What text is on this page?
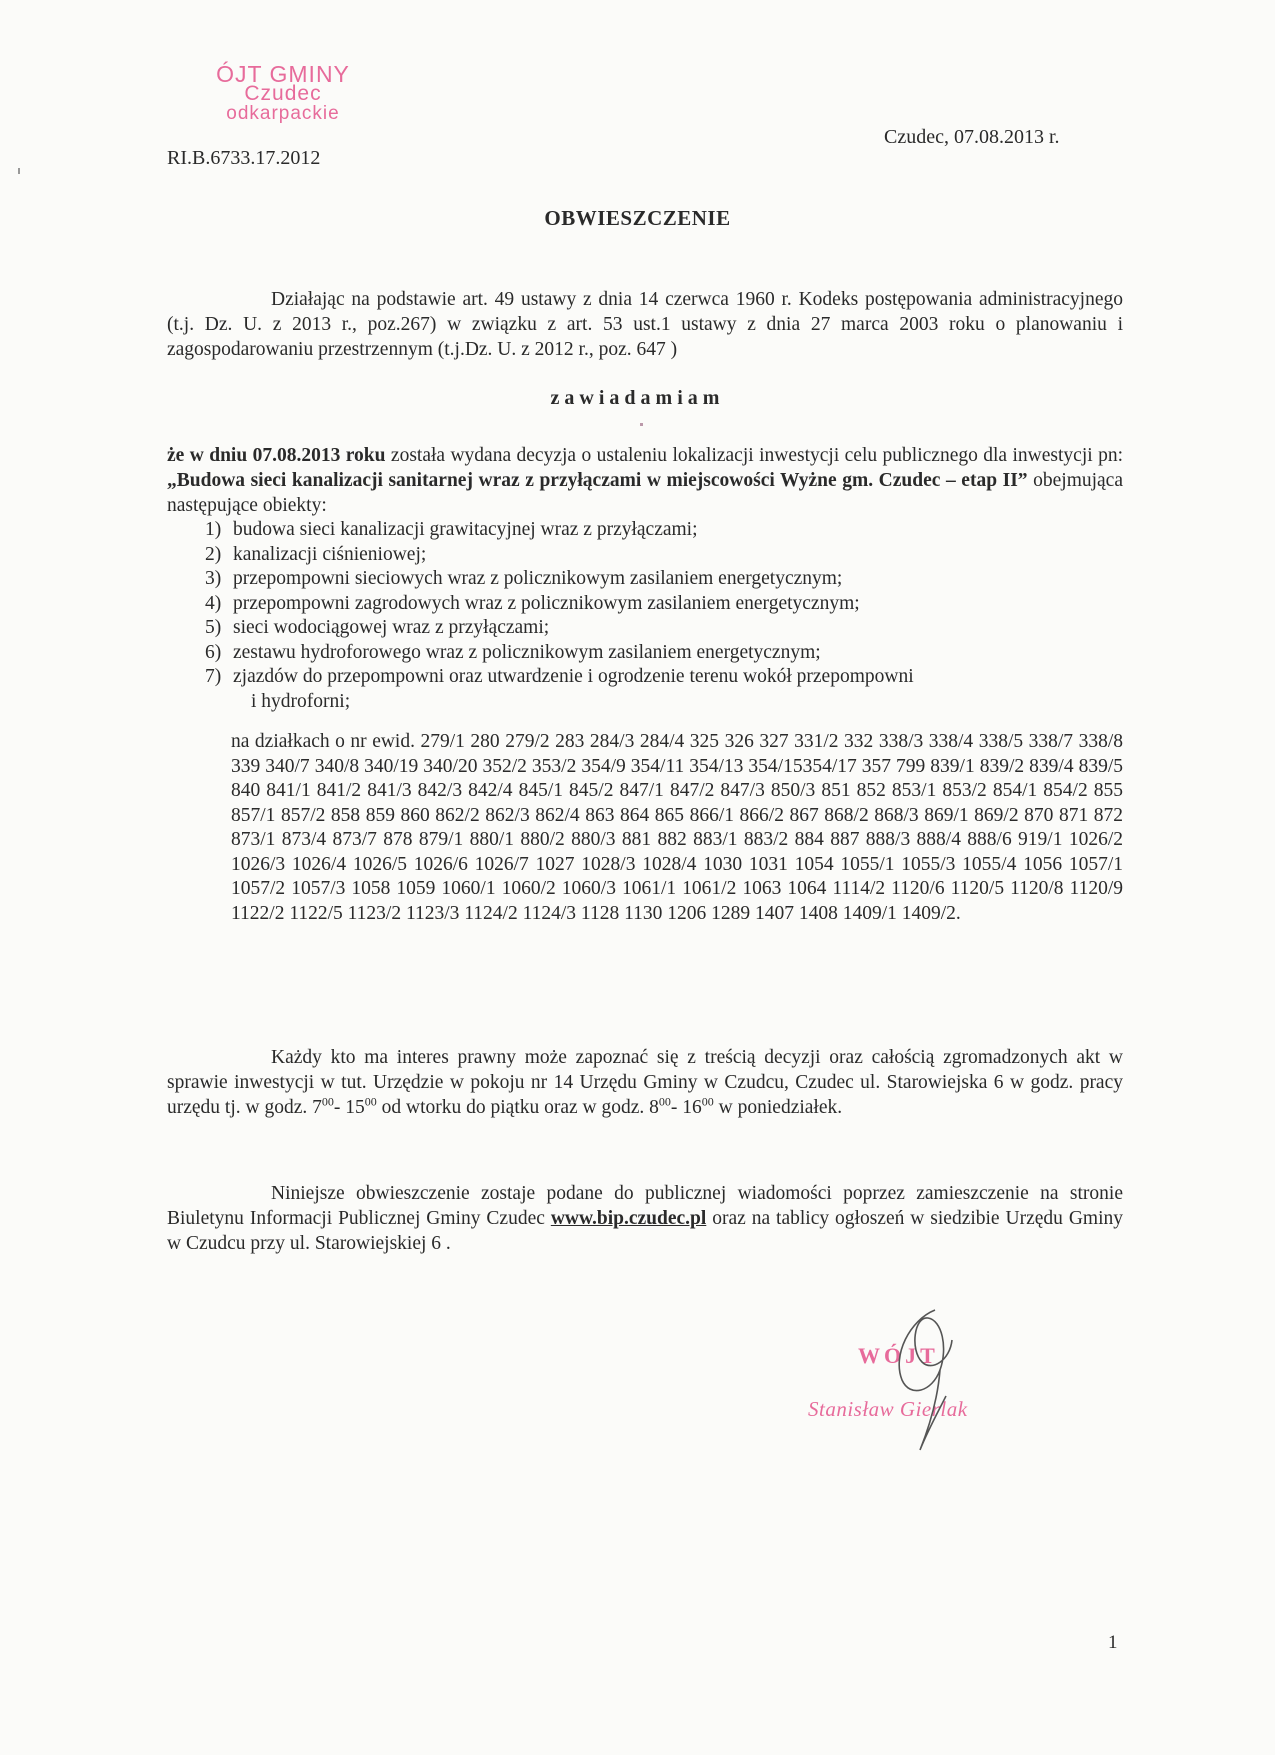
ÓJT GMINY
Czudec
odkarpackie
RI.B.6733.17.2012
Czudec, 07.08.2013 r.
OBWIESZCZENIE
Działając na podstawie art. 49 ustawy z dnia 14 czerwca 1960 r. Kodeks postępowania administracyjnego (t.j. Dz. U. z 2013 r., poz.267) w związku z art. 53 ust.1 ustawy z dnia 27 marca 2003 roku o planowaniu i zagospodarowaniu przestrzennym (t.j.Dz. U. z 2012 r., poz. 647 )
zawiadamiam
że w dniu 07.08.2013 roku została wydana decyzja o ustaleniu lokalizacji inwestycji celu publicznego dla inwestycji pn:„Budowa sieci kanalizacji sanitarnej wraz z przyłączami w miejscowości Wyżne gm. Czudec – etap II” obejmująca następujące obiekty:
1) budowa sieci kanalizacji grawitacyjnej wraz z przyłączami;
2) kanalizacji ciśnieniowej;
3) przepompowni sieciowych wraz z policznikowym zasilaniem energetycznym;
4) przepompowni zagrodowych wraz z policznikowym zasilaniem energetycznym;
5) sieci wodociągowej wraz z przyłączami;
6) zestawu hydroforowego wraz z policznikowym zasilaniem energetycznym;
7) zjazdów do przepompowni oraz utwardzenie i ogrodzenie terenu wokół przepompowni
i hydroforni;
na działkach o nr ewid. 279/1 280 279/2 283 284/3 284/4 325 326 327 331/2 332 338/3 338/4 338/5 338/7 338/8 339 340/7 340/8 340/19 340/20 352/2 353/2 354/9 354/11 354/13 354/15354/17 357 799 839/1 839/2 839/4 839/5 840 841/1 841/2 841/3 842/3 842/4 845/1 845/2 847/1 847/2 847/3 850/3 851 852 853/1 853/2 854/1 854/2 855 857/1 857/2 858 859 860 862/2 862/3 862/4 863 864 865 866/1 866/2 867 868/2 868/3 869/1 869/2 870 871 872 873/1 873/4 873/7 878 879/1 880/1 880/2 880/3 881 882 883/1 883/2 884 887 888/3 888/4 888/6 919/1 1026/2 1026/3 1026/4 1026/5 1026/6 1026/7 1027 1028/3 1028/4 1030 1031 1054 1055/1 1055/3 1055/4 1056 1057/1 1057/2 1057/3 1058 1059 1060/1 1060/2 1060/3 1061/1 1061/2 1063 1064 1114/2 1120/6 1120/5 1120/8 1120/9 1122/2 1122/5 1123/2 1123/3 1124/2 1124/3 1128 1130 1206 1289 1407 1408 1409/1 1409/2.
Każdy kto ma interes prawny może zapoznać się z treścią decyzji oraz całością zgromadzonych akt w sprawie inwestycji w tut. Urzędzie w pokoju nr 14 Urzędu Gminy w Czudcu, Czudec ul. Starowiejska 6 w godz. pracy urzędu tj. w godz. $7^{00}-$ $15^{00}$ od wtorku do piątku oraz w godz. $8^{00}-$ $16^{00}$ w poniedziałek.
Niniejsze obwieszczenie zostaje podane do publicznej wiadomości poprzez zamieszczenie na stronie Biuletynu Informacji Publicznej Gminy Czudec www.bip.czudec.pl oraz na tablicy ogłoszeń w siedzibie Urzędu Gminy w Czudcu przy ul. Starowiejskiej 6 .
WÓJT
Stanisław Gierlak
1
